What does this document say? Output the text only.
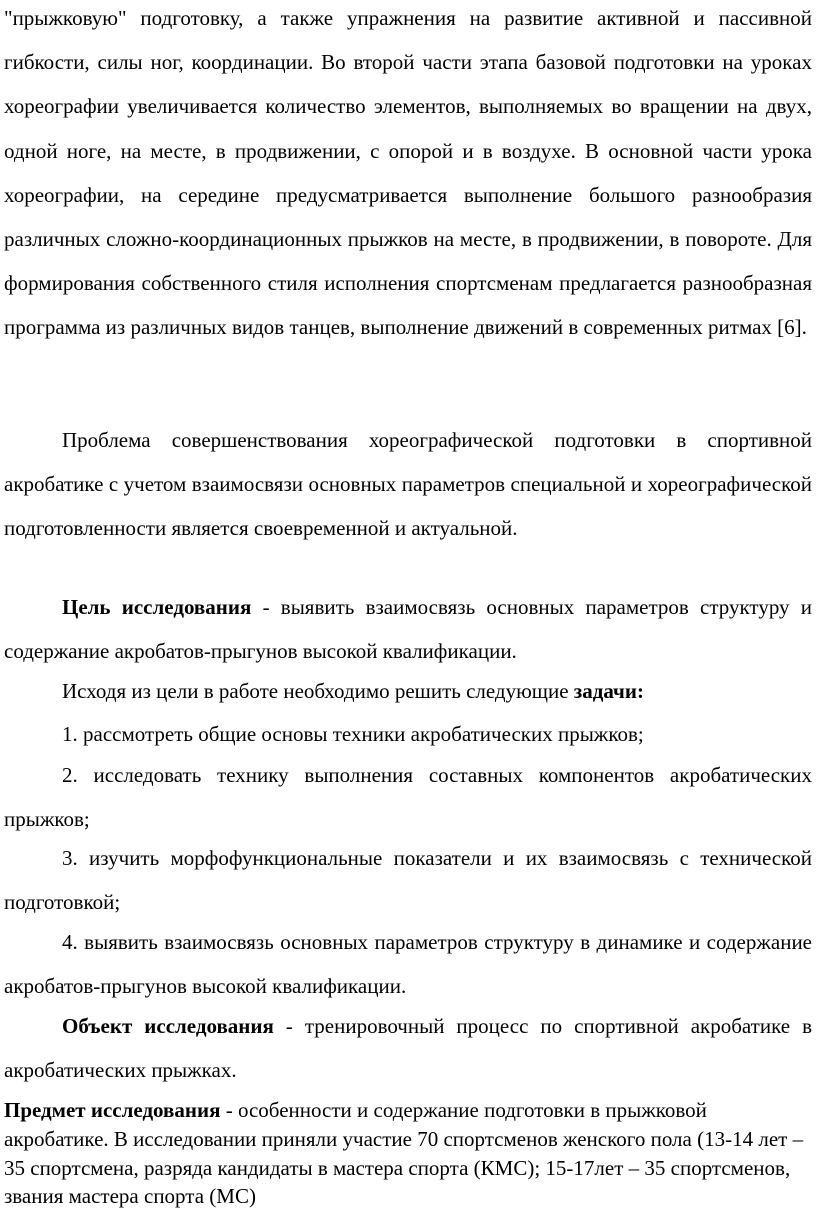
"прыжковую" подготовку, а также упражнения на развитие активной и пассивной гибкости, силы ног, координации. Во второй части этапа базовой подготовки на уроках хореографии увеличивается количество элементов, выполняемых во вращении на двух, одной ноге, на месте, в продвижении, с опорой и в воздухе. В основной части урока хореографии, на середине предусматривается выполнение большого разнообразия различных сложно-координационных прыжков на месте, в продвижении, в повороте. Для формирования собственного стиля исполнения спортсменам предлагается разнообразная программа из различных видов танцев, выполнение движений в современных ритмах [6].

Проблема совершенствования хореографической подготовки в спортивной акробатике с учетом взаимосвязи основных параметров специальной и хореографической подготовленности является своевременной и актуальной.

Цель исследования - выявить взаимосвязь основных параметров структуру и содержание акробатов-прыгунов высокой квалификации.

Исходя из цели в работе необходимо решить следующие задачи:

1. рассмотреть общие основы техники акробатических прыжков;

2. исследовать технику выполнения составных компонентов акробатических прыжков;

3. изучить морфофункциональные показатели и их взаимосвязь с технической подготовкой;

4. выявить взаимосвязь основных параметров структуру в динамике и содержание акробатов-прыгунов высокой квалификации.

Объект исследования - тренировочный процесс по спортивной акробатике в акробатических прыжках.

Предмет исследования - особенности и содержание подготовки в прыжковой акробатике. В исследовании приняли участие 70 спортсменов женского пола (13-14 лет – 35 спортсмена, разряда кандидаты в мастера спорта (КМС); 15-17лет – 35 спортсменов, звания мастера спорта (МС)
